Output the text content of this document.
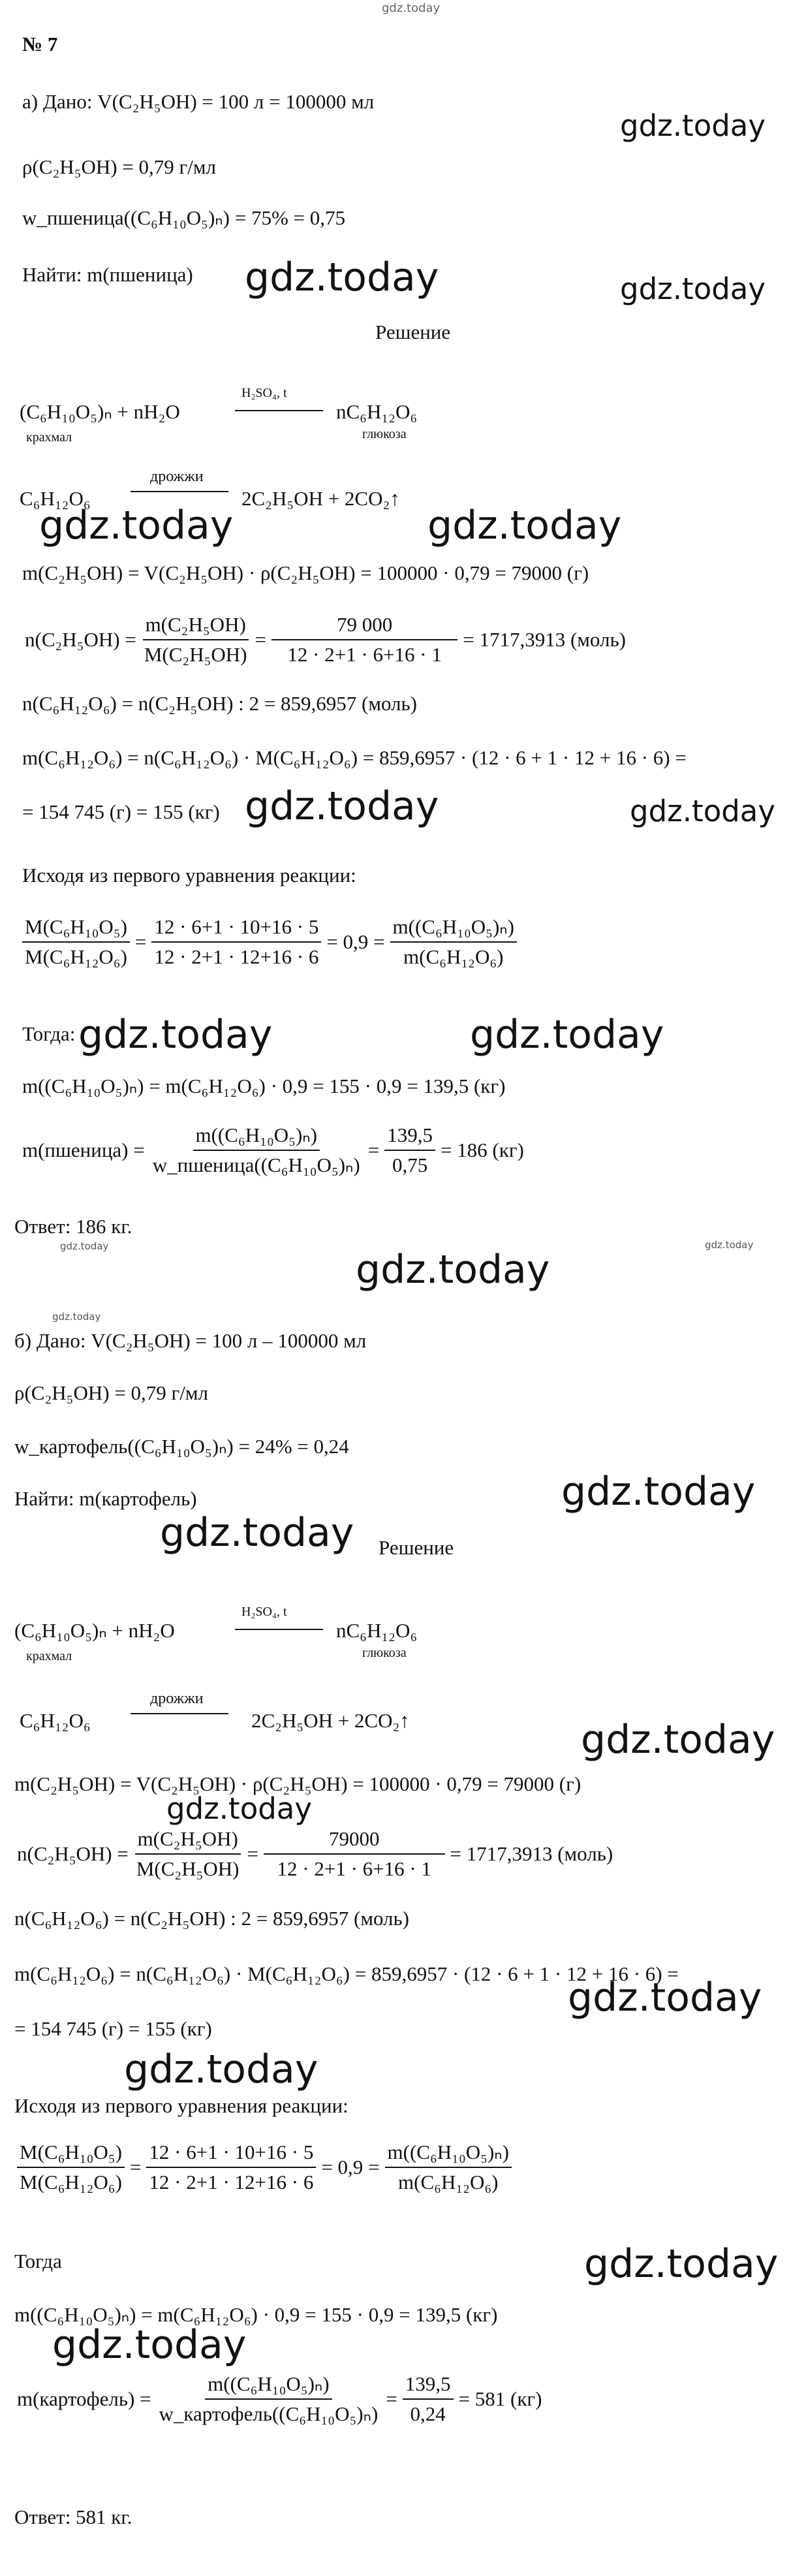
gdz.today
№ 7
а) Дано: V(C₂H₅OH) = 100 л = 100000 мл
gdz.today
ρ(C₂H₅OH) = 0,79 г/мл
w_пшеница((C₆H₁₀O₅)ₙ) = 75% = 0,75
Найти: m(пшеница) gdz.today	gdz.today
Решение
(C₆H₁₀O₅)ₙ + nH₂O
H₂SO₄, t
nC₆H₁₂O₆
крахмал	глюкоза
C₆H₁₂O₆
дрожжи
2C₂H₅OH + 2CO₂↑
gdz.today	gdz.today
m(C₂H₅OH) = V(C₂H₅OH) · ρ(C₂H₅OH) = 100000 · 0,79 = 79000 (г)
$n(C_2H_5OH) = \frac{\text{m(C₂H₅OH)}}{\text{M(C₂H₅OH)}} = \frac{79 000}{12 \cdot 2+1 \cdot 6+16 \cdot 1} = 1717,3913$ (моль)
n(C₆H₁₂O₆) = n(C₂H₅OH) : 2 = 859,6957 (моль)
m(C₆H₁₂O₆) = n(C₆H₁₂O₆) · M(C₆H₁₂O₆) = 859,6957 · (12 · 6 + 1 · 12 + 16 · 6) =
= 154 745 (г) = 155 (кг) gdz.today	gdz.today
Исходя из первого уравнения реакции:
$\frac{\text{M(C₆H₁₀O₅)}}{\text{M(C₆H₁₂O₆)}} = \frac{12 \cdot 6+1 \cdot 10+16 \cdot 5}{12 \cdot 2+1 \cdot 12+16 \cdot 6} = 0,9 = \frac{\text{m((C₆H₁₀O₅)ₙ)}}{\text{m(C₆H₁₂O₆)}}$
Тогда: gdz.today	gdz.today
m((C₆H₁₀O₅)ₙ) = m(C₆H₁₂O₆) · 0,9 = 155 · 0,9 = 139,5 (кг)
m(пшеница) = $\frac{\text{m((C₆H₁₀O₅)ₙ)}}{\text{w\_пшеница((C₆H₁₀O₅)ₙ)}} = \frac{139,5}{0,75} = 186$ (кг)
Ответ: 186 кг.
gdz.today
gdz.today
gdz.today
gdz.today
б) Дано: V(C₂H₅OH) = 100 л – 100000 мл
ρ(C₂H₅OH) = 0,79 г/мл
w_картофель((C₆H₁₀O₅)ₙ) = 24% = 0,24
Найти: m(картофель)	gdz.today
gdz.today Решение
(C₆H₁₀O₅)ₙ + nH₂O
H₂SO₄, t
nC₆H₁₂O₆
крахмал	глюкоза
C₆H₁₂O₆
дрожжи
2C₂H₅OH + 2CO₂↑	gdz.today
m(C₂H₅OH) = V(C₂H₅OH) · ρ(C₂H₅OH) = 100000 · 0,79 = 79000 (г)
gdz.today
$n(C_2H_5OH) = \frac{\text{m(C₂H₅OH)}}{\text{M(C₂H₅OH)}} = \frac{79000}{12 \cdot 2+1 \cdot 6+16 \cdot 1} = 1717,3913$ (моль)
n(C₆H₁₂O₆) = n(C₂H₅OH) : 2 = 859,6957 (моль)
m(C₆H₁₂O₆) = n(C₆H₁₂O₆) · M(C₆H₁₂O₆) = 859,6957 · (12 · 6 + 1 · 12 + 16 · 6) =
gdz.today
= 154 745 (г) = 155 (кг)
gdz.today
Исходя из первого уравнения реакции:
$\frac{\text{M(C₆H₁₀O₅)}}{\text{M(C₆H₁₂O₆)}} = \frac{12 \cdot 6+1 \cdot 10+16 \cdot 5}{12 \cdot 2+1 \cdot 12+16 \cdot 6} = 0,9 = \frac{\text{m((C₆H₁₀O₅)ₙ)}}{\text{m(C₆H₁₂O₆)}}$
Тогда	gdz.today
m((C₆H₁₀O₅)ₙ) = m(C₆H₁₂O₆) · 0,9 = 155 · 0,9 = 139,5 (кг)
gdz.today
m(картофель) = $\frac{\text{m((C₆H₁₀O₅)ₙ)}}{\text{w\_картофель((C₆H₁₀O₅)ₙ)}} = \frac{139,5}{0,24} = 581$ (кг)
Ответ: 581 кг.
